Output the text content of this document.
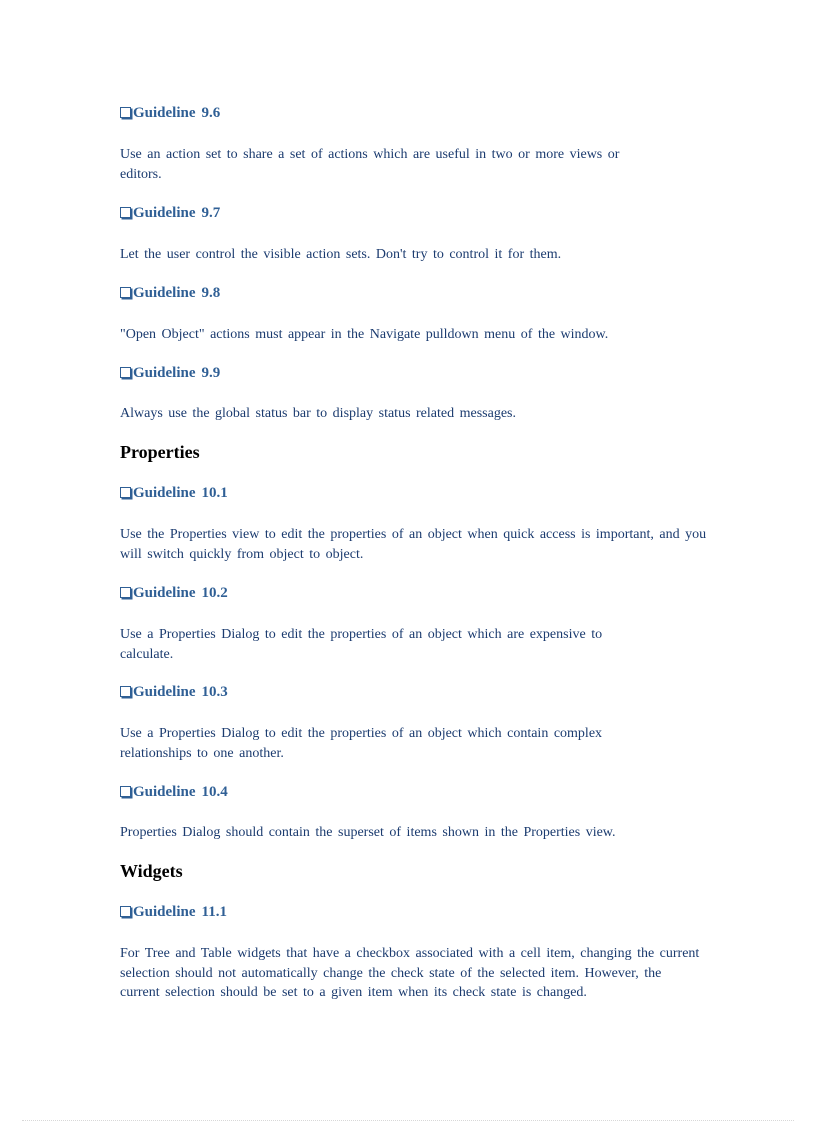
Guideline 9.6

Use an action set to share a set of actions which are useful in two or more views or editors.

Guideline 9.7

Let the user control the visible action sets. Don't try to control it for them.

Guideline 9.8

"Open Object" actions must appear in the Navigate pulldown menu of the window.

Guideline 9.9

Always use the global status bar to display status related messages.

Properties
Guideline 10.1

Use the Properties view to edit the properties of an object when quick access is important, and you will switch quickly from object to object.

Guideline 10.2

Use a Properties Dialog to edit the properties of an object which are expensive to calculate.

Guideline 10.3

Use a Properties Dialog to edit the properties of an object which contain complex relationships to one another.

Guideline 10.4

Properties Dialog should contain the superset of items shown in the Properties view.

Widgets
Guideline 11.1

For Tree and Table widgets that have a checkbox associated with a cell item, changing the current selection should not automatically change the check state of the selected item. However, the current selection should be set to a given item when its check state is changed.
